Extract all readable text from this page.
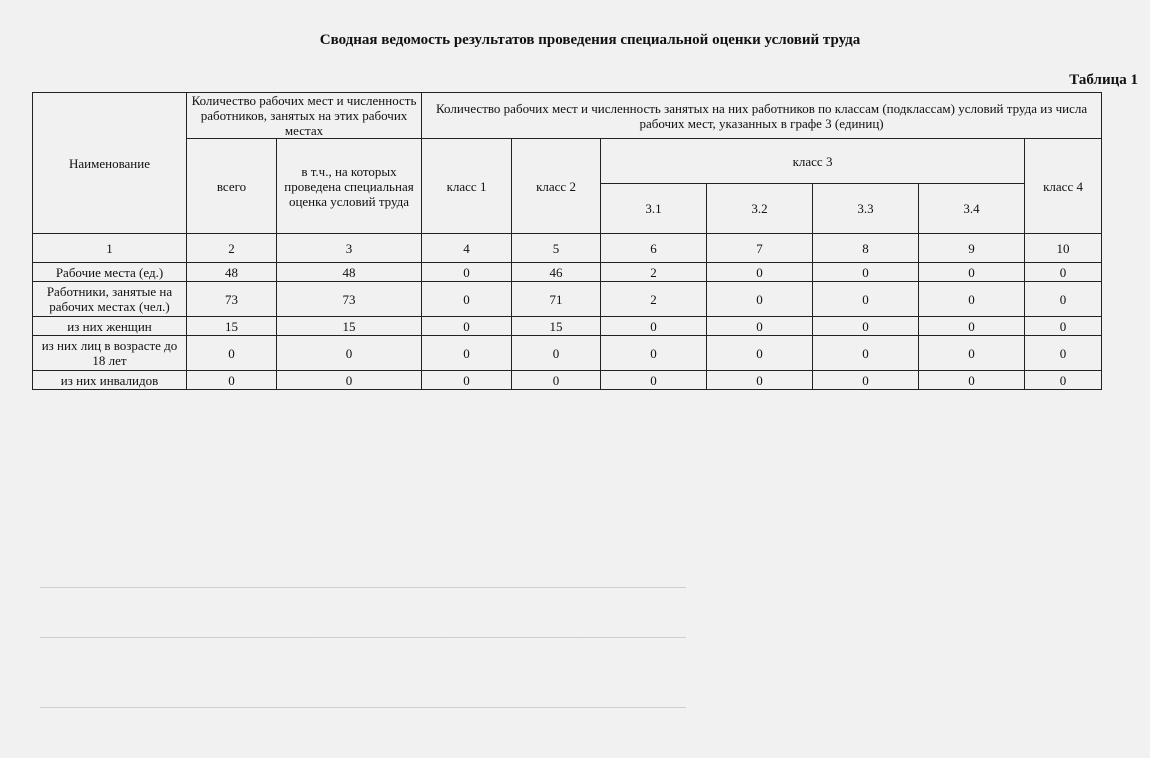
────────────────────────────────────────────────────────────────────────────
────────────────────────────────────────────────────────────────────────────
────────────────────────────────────────────────────────────────────────────
Сводная ведомость результатов проведения специальной оценки условий труда
Таблица 1
Наименование	Количество рабочих мест и численность работников, занятых на этих рабочих местах		Количество рабочих мест и численность занятых на них работников по классам (подклассам) условий труда из числа рабочих мест, указанных в графе 3 (единиц)						
	всего	в т.ч., на которых проведена специальная оценка условий труда	класс 1	класс 2	класс 3				класс 4
					3.1	3.2	3.3	3.4	
1	2	3	4	5	6	7	8	9	10
Рабочие места (ед.)	48	48	0	46	2	0	0	0	0
Работники, занятые на рабочих местах (чел.)	73	73	0	71	2	0	0	0	0
из них женщин	15	15	0	15	0	0	0	0	0
из них лиц в возрасте до 18 лет	0	0	0	0	0	0	0	0	0
из них инвалидов	0	0	0	0	0	0	0	0	0
